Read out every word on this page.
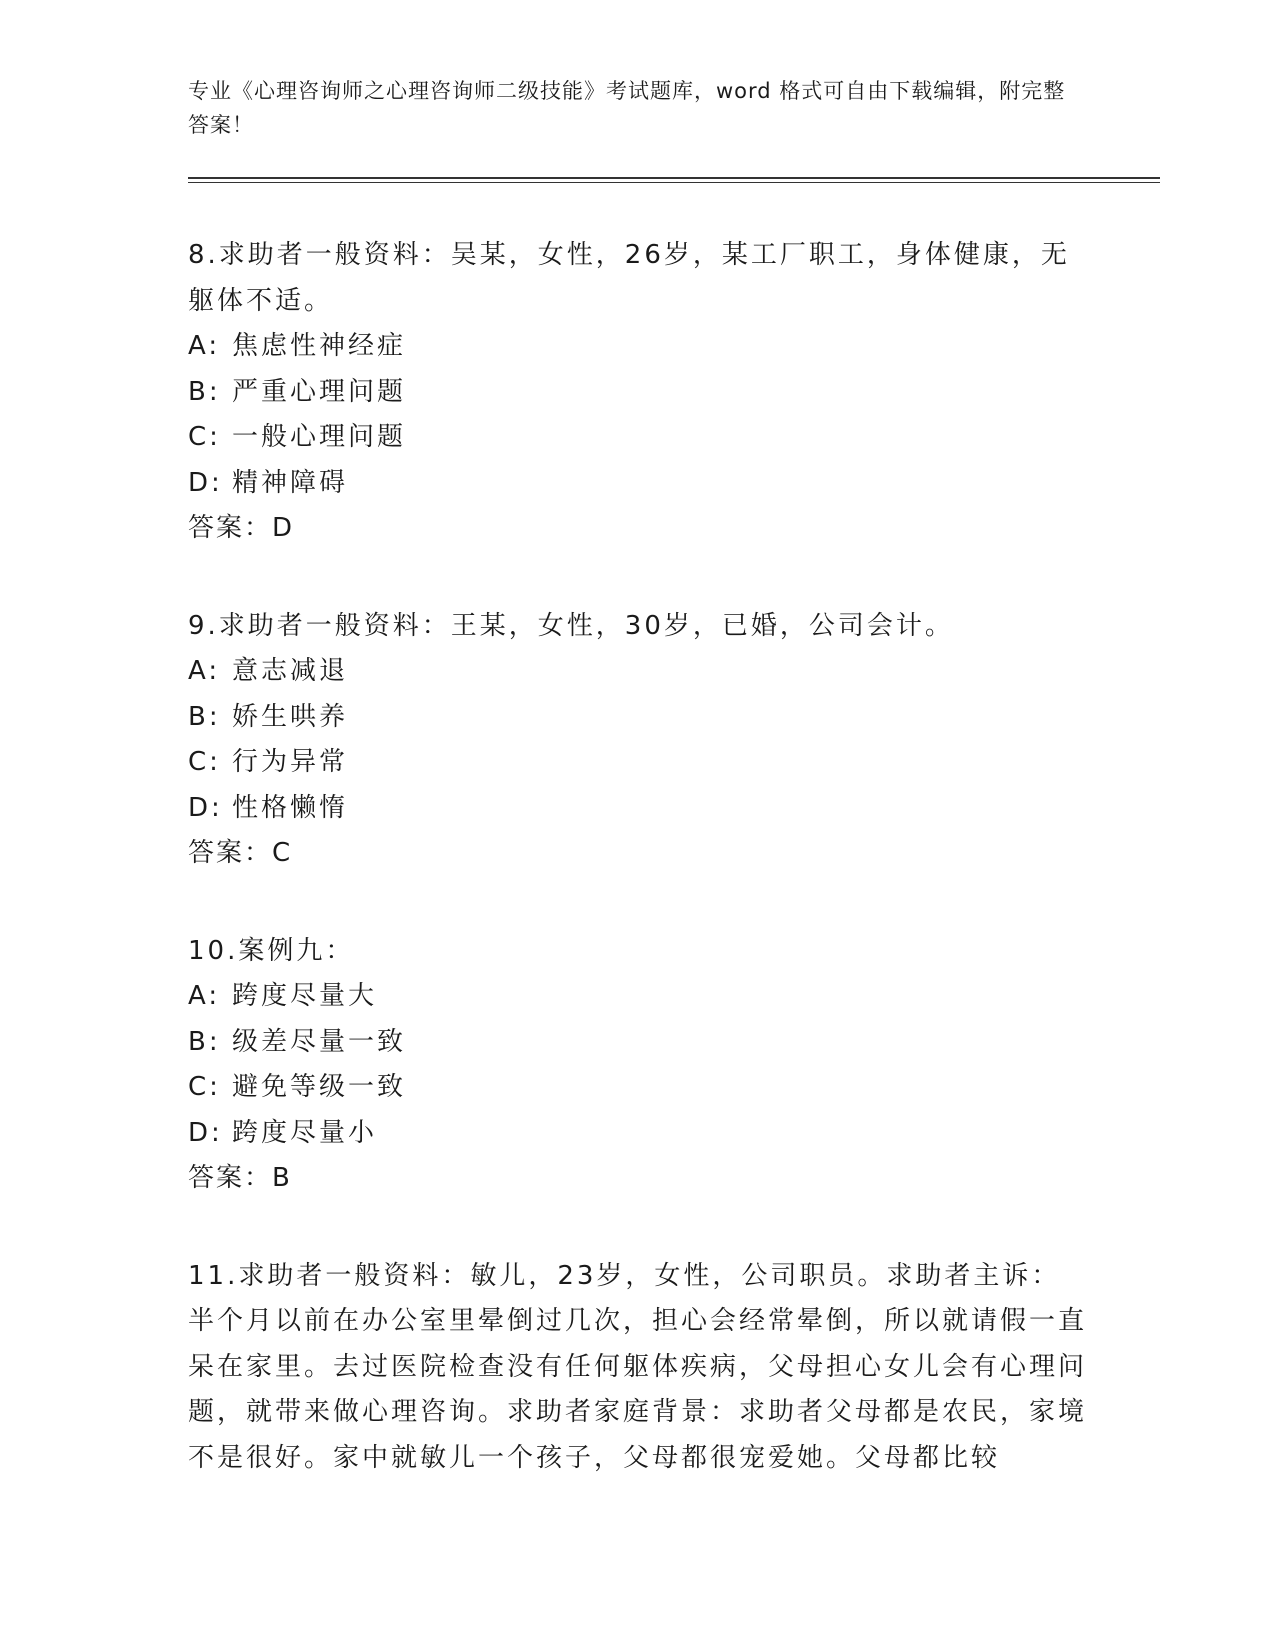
专业《心理咨询师之心理咨询师二级技能》考试题库，word 格式可自由下载编辑，附完整答案！

8.求助者一般资料：吴某，女性，26岁，某工厂职工，身体健康，无躯体不适。

A: 焦虑性神经症

B: 严重心理问题

C: 一般心理问题

D: 精神障碍

答案：D

9.求助者一般资料：王某，女性，30岁，已婚，公司会计。

A: 意志减退

B: 娇生哄养

C: 行为异常

D: 性格懒惰

答案：C

10.案例九：

A: 跨度尽量大

B: 级差尽量一致

C: 避免等级一致

D: 跨度尽量小

答案：B

11.求助者一般资料：敏儿，23岁，女性，公司职员。求助者主诉：半个月以前在办公室里晕倒过几次，担心会经常晕倒，所以就请假一直呆在家里。去过医院检查没有任何躯体疾病，父母担心女儿会有心理问题，就带来做心理咨询。求助者家庭背景：求助者父母都是农民，家境不是很好。家中就敏儿一个孩子，父母都很宠爱她。父母都比较
